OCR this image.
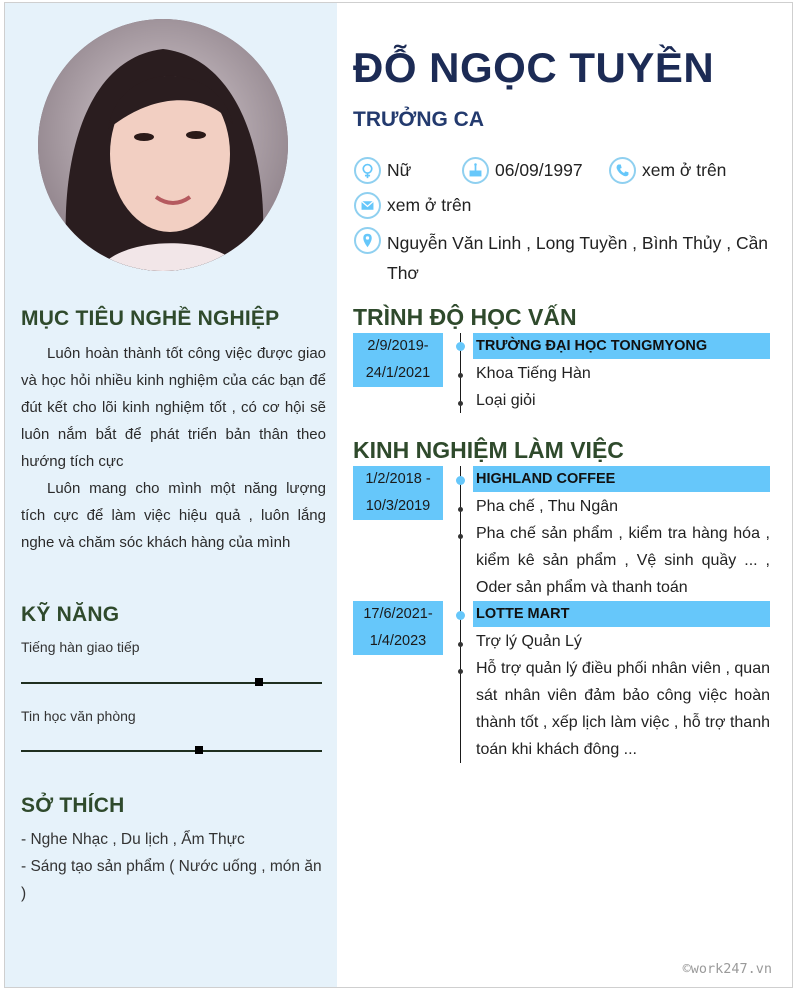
MỤC TIÊU NGHỀ NGHIỆP

Luôn hoàn thành tốt công việc được giao và học hỏi nhiều kinh nghiệm của các bạn để đút kết cho lõi kinh nghiệm tốt , có cơ hội sẽ luôn nắm bắt để phát triển bản thân theo hướng tích cực

Luôn mang cho mình một năng lượng tích cực để làm việc hiệu quả , luôn lắng nghe và chăm sóc khách hàng của mình

KỸ NĂNG
Tiếng hàn giao tiếp
Tin học văn phòng
SỞ THÍCH
- Nghe Nhạc , Du lịch , Ẩm Thực
- Sáng tạo sản phẩm ( Nước uống , món ăn )
ĐỖ NGỌC TUYỀN
TRƯỞNG CA
Nữ	06/09/1997	xem ở trên
xem ở trên
Nguyễn Văn Linh , Long Tuyền , Bình Thủy , Cần Thơ
TRÌNH ĐỘ HỌC VẤN
2/9/2019-
24/1/2021
TRƯỜNG ĐẠI HỌC TONGMYONG
Khoa Tiếng Hàn
Loại giỏi
KINH NGHIỆM LÀM VIỆC
1/2/2018 -
10/3/2019
HIGHLAND COFFEE
Pha chế , Thu Ngân
Pha chế sản phẩm , kiểm tra hàng hóa , kiểm kê sản phẩm , Vệ sinh quầy ... , Oder sản phẩm và thanh toán
17/6/2021-
1/4/2023
LOTTE MART
Trợ lý Quản Lý
Hỗ trợ quản lý điều phối nhân viên , quan sát nhân viên đảm bảo công việc hoàn thành tốt , xếp lịch làm việc , hỗ trợ thanh toán khi khách đông ...
©work247.vn
